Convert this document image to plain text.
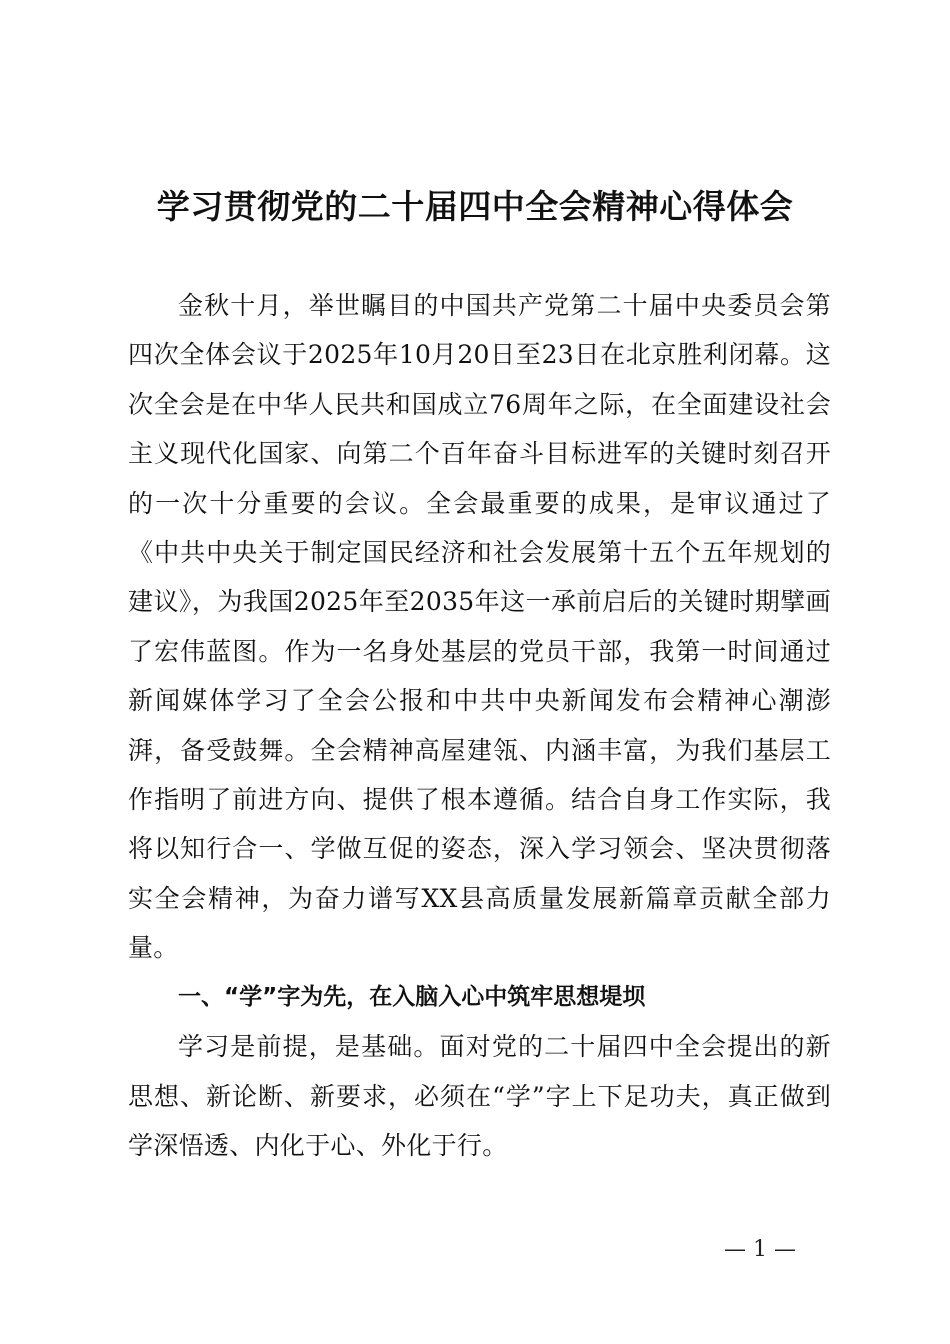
学习贯彻党的二十届四中全会精神心得体会

金秋十月，举世瞩目的中国共产党第二十届中央委员会第四次全体会议于2025年10月20日至23日在北京胜利闭幕。这次全会是在中华人民共和国成立76周年之际，在全面建设社会主义现代化国家、向第二个百年奋斗目标进军的关键时刻召开的一次十分重要的会议。全会最重要的成果，是审议通过了《中共中央关于制定国民经济和社会发展第十五个五年规划的建议》，为我国2025年至2035年这一承前启后的关键时期擘画了宏伟蓝图。作为一名身处基层的党员干部，我第一时间通过新闻媒体学习了全会公报和中共中央新闻发布会精神心潮澎湃，备受鼓舞。全会精神高屋建瓴、内涵丰富，为我们基层工作指明了前进方向、提供了根本遵循。结合自身工作实际，我将以知行合一、学做互促的姿态，深入学习领会、坚决贯彻落实全会精神，为奋力谱写XX县高质量发展新篇章贡献全部力量。

一、“学”字为先，在入脑入心中筑牢思想堤坝

学习是前提，是基础。面对党的二十届四中全会提出的新思想、新论断、新要求，必须在“学”字上下足功夫，真正做到学深悟透、内化于心、外化于行。

— 1 —
